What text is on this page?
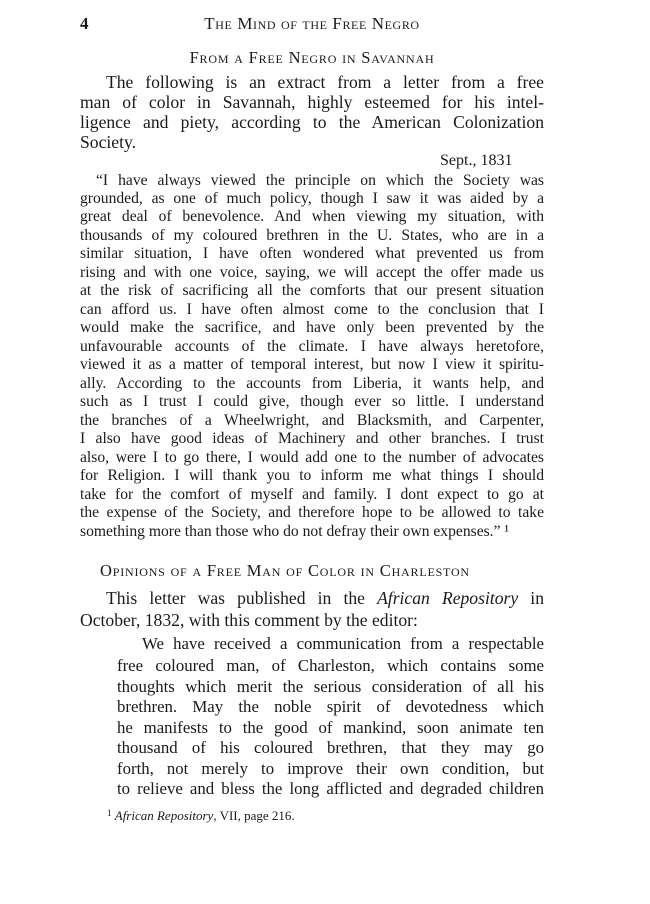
4	The Mind of the Free Negro
From a Free Negro in Savannah
The following is an extract from a letter from a free
man of color in Savannah, highly esteemed for his intel-
ligence and piety, according to the American Colonization
Society.
Sept., 1831
“I have always viewed the principle on which the Society was
grounded, as one of much policy, though I saw it was aided by a
great deal of benevolence. And when viewing my situation, with
thousands of my coloured brethren in the U. States, who are in a
similar situation, I have often wondered what prevented us from
rising and with one voice, saying, we will accept the offer made us
at the risk of sacrificing all the comforts that our present situation
can afford us. I have often almost come to the conclusion that I
would make the sacrifice, and have only been prevented by the
unfavourable accounts of the climate. I have always heretofore,
viewed it as a matter of temporal interest, but now I view it spiritu-
ally. According to the accounts from Liberia, it wants help, and
such as I trust I could give, though ever so little. I understand
the branches of a Wheelwright, and Blacksmith, and Carpenter,
I also have good ideas of Machinery and other branches. I trust
also, were I to go there, I would add one to the number of advocates
for Religion. I will thank you to inform me what things I should
take for the comfort of myself and family. I dont expect to go at
the expense of the Society, and therefore hope to be allowed to take
something more than those who do not defray their own expenses.” ¹
Opinions of a Free Man of Color in Charleston
This letter was published in the African Repository in
October, 1832, with this comment by the editor:
We have received a communication from a respectable
free coloured man, of Charleston, which contains some
thoughts which merit the serious consideration of all his
brethren. May the noble spirit of devotedness which
he manifests to the good of mankind, soon animate ten
thousand of his coloured brethren, that they may go
forth, not merely to improve their own condition, but
to relieve and bless the long afflicted and degraded children
$^1$ African Repository, VII, page 216.
